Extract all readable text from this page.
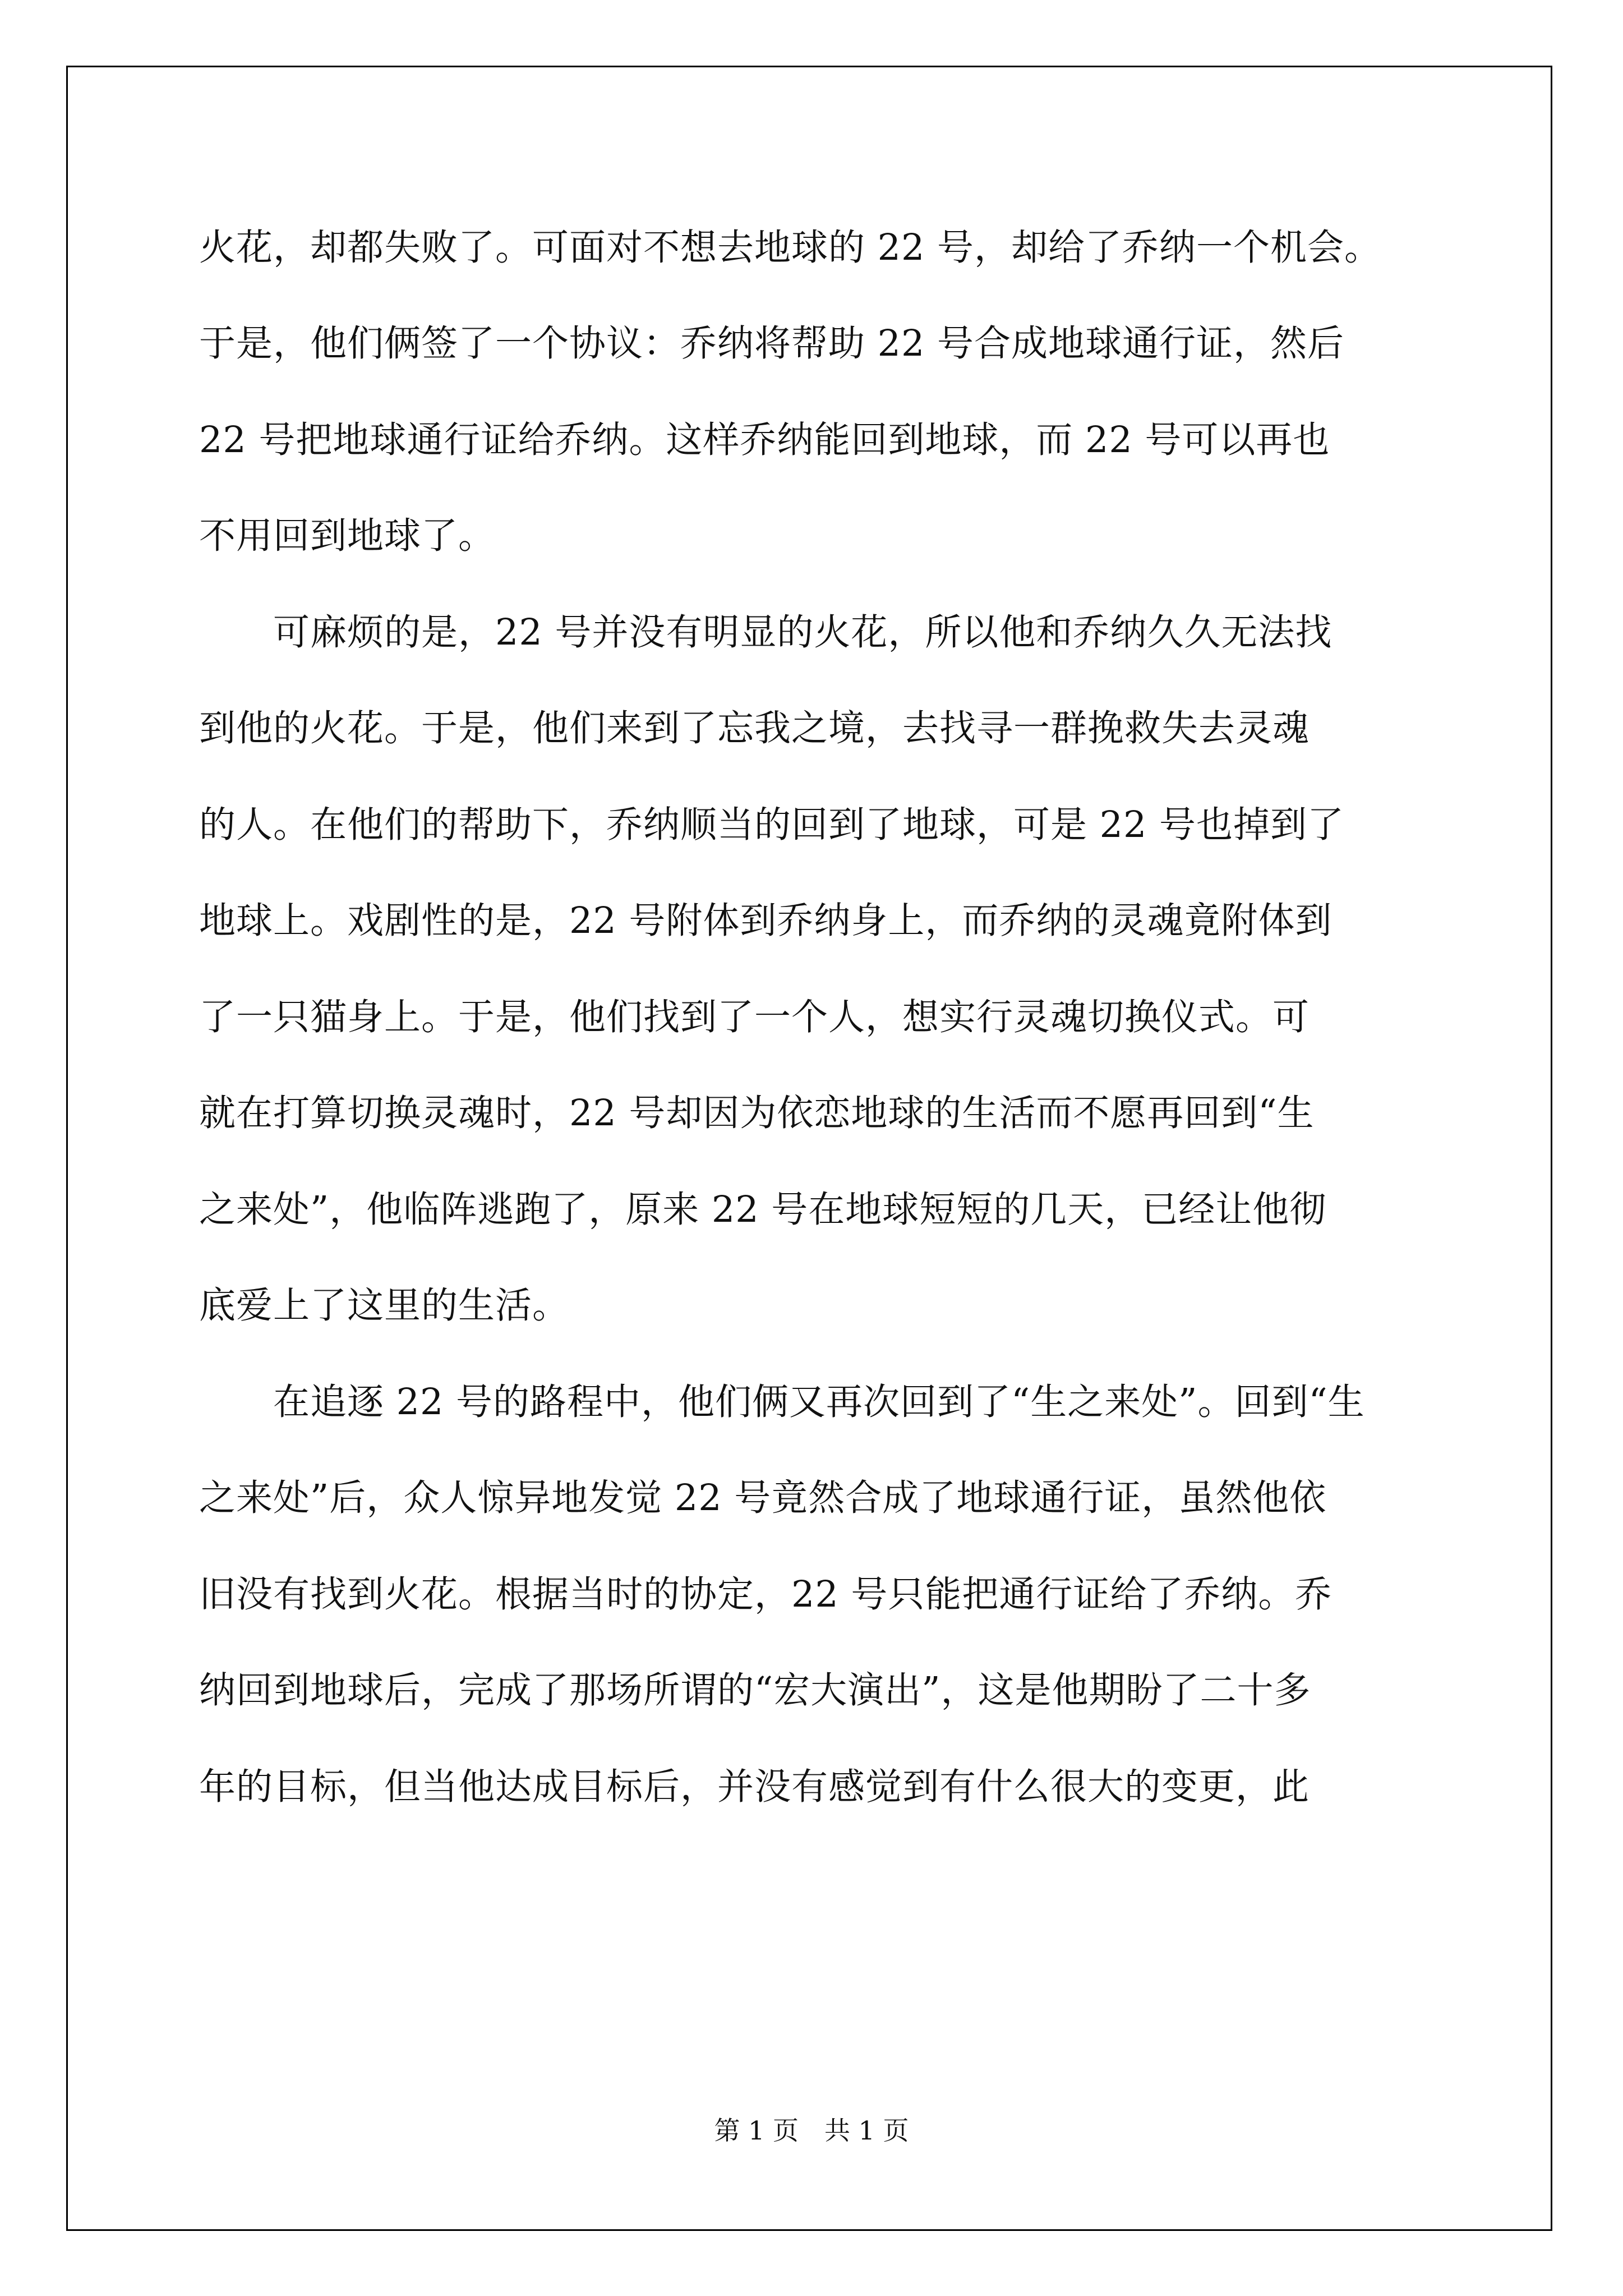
火花，却都失败了。可面对不想去地球的 22 号，却给了乔纳一个机会。
于是，他们俩签了一个协议：乔纳将帮助 22 号合成地球通行证，然后
22 号把地球通行证给乔纳。这样乔纳能回到地球，而 22 号可以再也
不用回到地球了。
　　可麻烦的是，22 号并没有明显的火花，所以他和乔纳久久无法找
到他的火花。于是，他们来到了忘我之境，去找寻一群挽救失去灵魂
的人。在他们的帮助下，乔纳顺当的回到了地球，可是 22 号也掉到了
地球上。戏剧性的是，22 号附体到乔纳身上，而乔纳的灵魂竟附体到
了一只猫身上。于是，他们找到了一个人，想实行灵魂切换仪式。可
就在打算切换灵魂时，22 号却因为依恋地球的生活而不愿再回到“生
之来处”，他临阵逃跑了，原来 22 号在地球短短的几天，已经让他彻
底爱上了这里的生活。
　　在追逐 22 号的路程中，他们俩又再次回到了“生之来处”。回到“生
之来处”后，众人惊异地发觉 22 号竟然合成了地球通行证，虽然他依
旧没有找到火花。根据当时的协定，22 号只能把通行证给了乔纳。乔
纳回到地球后，完成了那场所谓的“宏大演出”，这是他期盼了二十多
年的目标，但当他达成目标后，并没有感觉到有什么很大的变更，此
第 1 页　共 1 页
